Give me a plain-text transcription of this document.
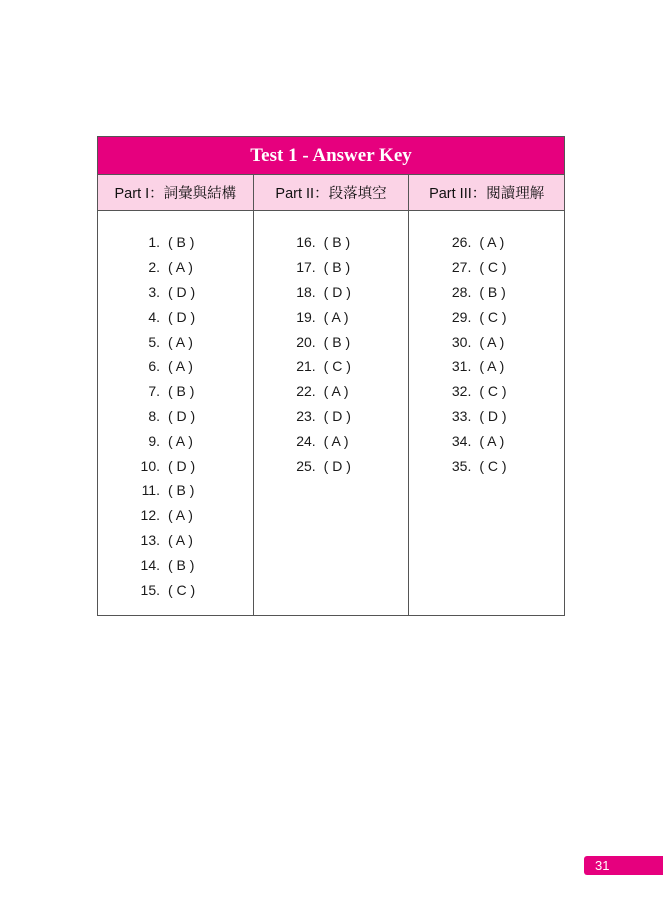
Test 1 - Answer Key
Part I：詞彙與結構	Part II：段落填空	Part III：閱讀理解
1. ( B )
2. ( A )
3. ( D )
4. ( D )
5. ( A )
6. ( A )
7. ( B )
8. ( D )
9. ( A )
10. ( D )
11. ( B )
12. ( A )
13. ( A )
14. ( B )
15. ( C )
16. ( B )
17. ( B )
18. ( D )
19. ( A )
20. ( B )
21. ( C )
22. ( A )
23. ( D )
24. ( A )
25. ( D )
26. ( A )
27. ( C )
28. ( B )
29. ( C )
30. ( A )
31. ( A )
32. ( C )
33. ( D )
34. ( A )
35. ( C )
31
